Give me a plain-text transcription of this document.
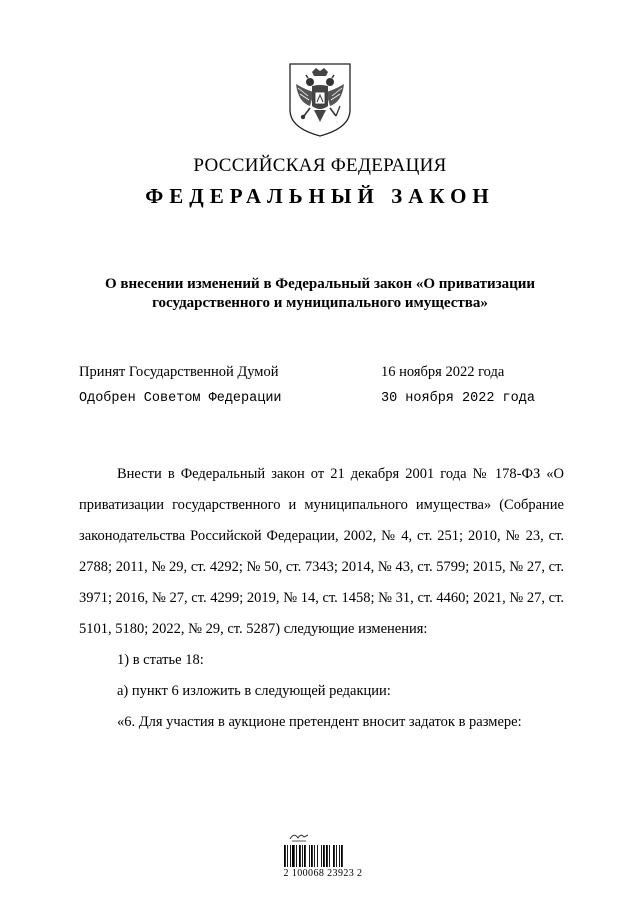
РОССИЙСКАЯ ФЕДЕРАЦИЯ
ФЕДЕРАЛЬНЫЙ ЗАКОН
О внесении изменений в Федеральный закон «О приватизации
государственного и муниципального имущества»
Принят Государственной Думой	16 ноября 2022 года
Одобрен Советом Федерации	30 ноября 2022 года

Внести в Федеральный закон от 21 декабря 2001 года № 178-ФЗ «О приватизации государственного и муниципального имущества» (Собрание законодательства Российской Федерации, 2002, № 4, ст. 251; 2010, № 23, ст. 2788; 2011, № 29, ст. 4292; № 50, ст. 7343; 2014, № 43, ст. 5799; 2015, № 27, ст. 3971; 2016, № 27, ст. 4299; 2019, № 14, ст. 1458; № 31, ст. 4460; 2021, № 27, ст. 5101, 5180; 2022, № 29, ст. 5287) следующие изменения:

1) в статье 18:

а) пункт 6 изложить в следующей редакции:

«6. Для участия в аукционе претендент вносит задаток в размере:

2 100068 23923 2
